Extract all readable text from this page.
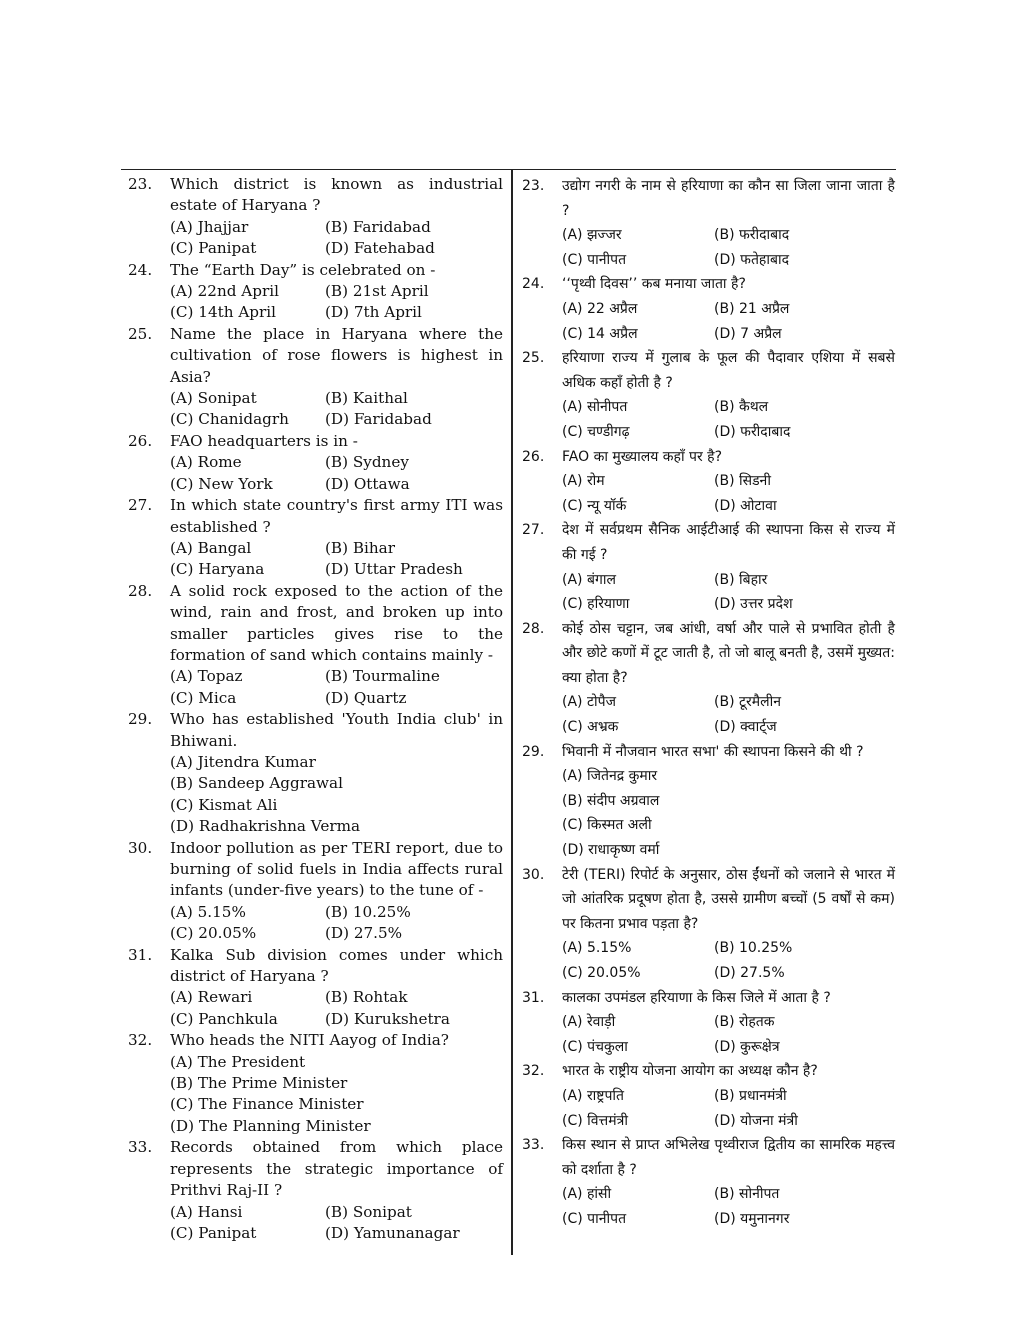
23. Which district is known as industrial estate of Haryana ?
(A) Jhajjar	(B) Faridabad
(C) Panipat	(D) Fatehabad
24. The “Earth Day” is celebrated on -
(A) 22nd April	(B) 21st April
(C) 14th April	(D) 7th April
25. Name the place in Haryana where the cultivation of rose flowers is highest in Asia?
(A) Sonipat	(B) Kaithal
(C) Chanidagrh	(D) Faridabad
26. FAO headquarters is in -
(A) Rome	(B) Sydney
(C) New York	(D) Ottawa
27. In which state country's first army ITI was established ?
(A) Bangal	(B) Bihar
(C) Haryana	(D) Uttar Pradesh
28. A solid rock exposed to the action of the wind, rain and frost, and broken up into smaller particles gives rise to the formation of sand which contains mainly -
(A) Topaz	(B) Tourmaline
(C) Mica	(D) Quartz
29. Who has established 'Youth India club' in Bhiwani.
(A) Jitendra Kumar
(B) Sandeep Aggrawal
(C) Kismat Ali
(D) Radhakrishna Verma
30. Indoor pollution as per TERI report, due to burning of solid fuels in India affects rural infants (under-five years) to the tune of -
(A) 5.15%	(B) 10.25%
(C) 20.05%	(D) 27.5%
31. Kalka Sub division comes under which district of Haryana ?
(A) Rewari	(B) Rohtak
(C) Panchkula	(D) Kurukshetra
32. Who heads the NITI Aayog of India?
(A) The President
(B) The Prime Minister
(C) The Finance Minister
(D) The Planning Minister
33. Records obtained from which place represents the strategic importance of Prithvi Raj-II ?
(A) Hansi	(B) Sonipat
(C) Panipat	(D) Yamunanagar
23. उद्योग नगरी के नाम से हरियाणा का कौन सा जिला जाना जाता है ?
(A) झज्जर	(B) फरीदाबाद
(C) पानीपत	(D) फतेहाबाद
24. ‘‘पृथ्वी दिवस’’ कब मनाया जाता है?
(A) 22 अप्रैल	(B) 21 अप्रैल
(C) 14 अप्रैल	(D) 7 अप्रैल
25. हरियाणा राज्य में गुलाब के फूल की पैदावार एशिया में सबसे अधिक कहाँ होती है ?
(A) सोनीपत	(B) कैथल
(C) चण्डीगढ़	(D) फरीदाबाद
26. FAO का मुख्यालय कहाँ पर है?
(A) रोम	(B) सिडनी
(C) न्यू यॉर्क	(D) ओटावा
27. देश में सर्वप्रथम सैनिक आईटीआई की स्थापना किस से राज्य में की गई ?
(A) बंगाल	(B) बिहार
(C) हरियाणा	(D) उत्तर प्रदेश
28. कोई ठोस चट्टान, जब आंधी, वर्षा और पाले से प्रभावित होती है और छोटे कणों में टूट जाती है, तो जो बालू बनती है, उसमें मुख्यत: क्या होता है?
(A) टोपैज	(B) टूरमैलीन
(C) अभ्रक	(D) क्वार्ट्ज
29. भिवानी में नौजवान भारत सभा' की स्थापना किसने की थी ?
(A) जितेनद्र कुमार
(B) संदीप अग्रवाल
(C) किस्मत अली
(D) राधाकृष्ण वर्मा
30. टेरी (TERI) रिपोर्ट के अनुसार, ठोस ईंधनों को जलाने से भारत में जो आंतरिक प्रदूषण होता है, उससे ग्रामीण बच्चों (5 वर्षों से कम) पर कितना प्रभाव पड़ता है?
(A) 5.15%	(B) 10.25%
(C) 20.05%	(D) 27.5%
31. कालका उपमंडल हरियाणा के किस जिले में आता है ?
(A) रेवाड़ी	(B) रोहतक
(C) पंचकुला	(D) कुरूक्षेत्र
32. भारत के राष्ट्रीय योजना आयोग का अध्यक्ष कौन है?
(A) राष्ट्रपति	(B) प्रधानमंत्री
(C) वित्तमंत्री	(D) योजना मंत्री
33. किस स्थान से प्राप्त अभिलेख पृथ्वीराज द्वितीय का सामरिक महत्त्व को दर्शाता है ?
(A) हांसी	(B) सोनीपत
(C) पानीपत	(D) यमुनानगर
